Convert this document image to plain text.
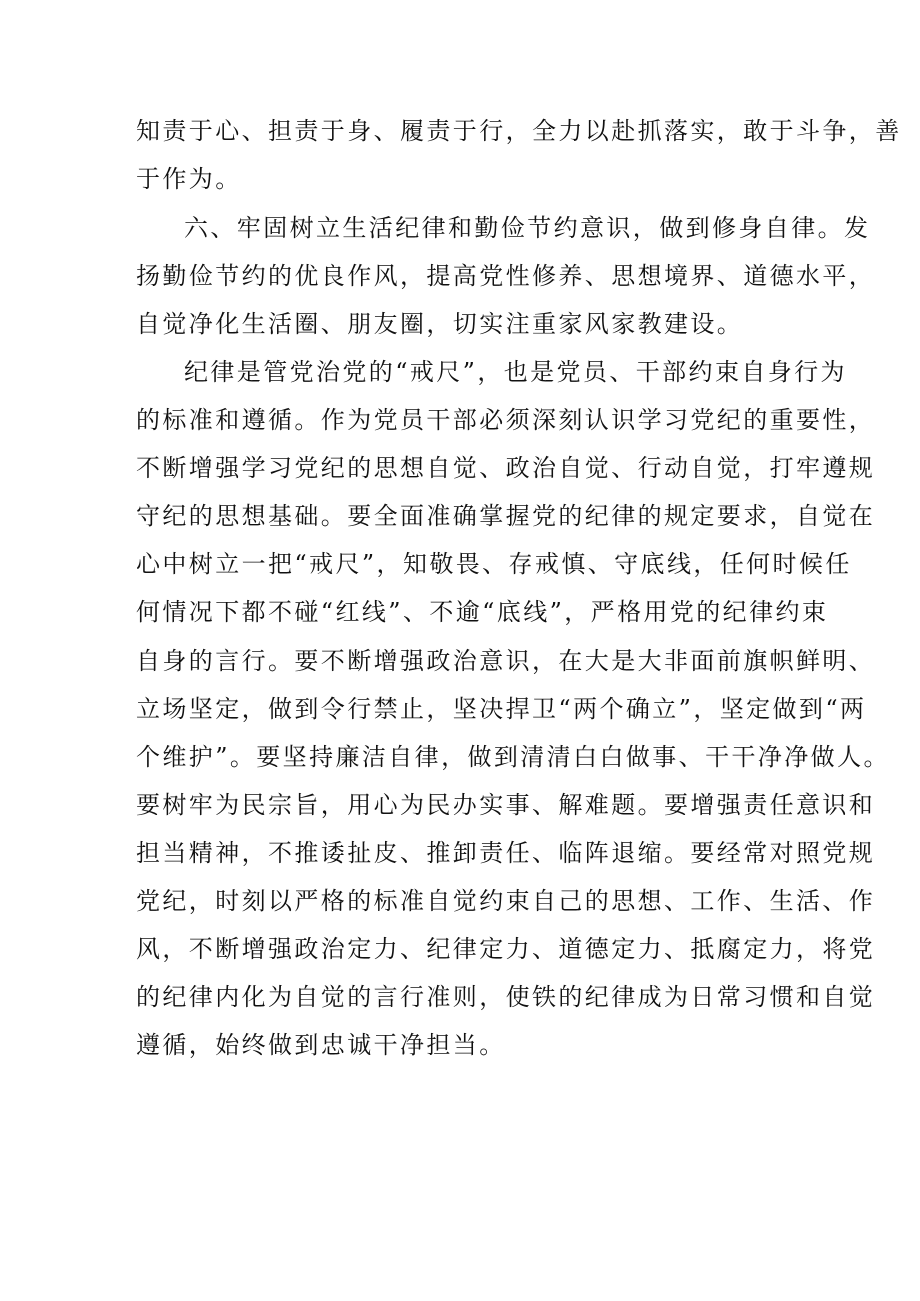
知责于心、担责于身、履责于行，全力以赴抓落实，敢于斗争，善
于作为。
六、牢固树立生活纪律和勤俭节约意识，做到修身自律。发
扬勤俭节约的优良作风，提高党性修养、思想境界、道德水平，
自觉净化生活圈、朋友圈，切实注重家风家教建设。
纪律是管党治党的“戒尺”，也是党员、干部约束自身行为
的标准和遵循。作为党员干部必须深刻认识学习党纪的重要性，
不断增强学习党纪的思想自觉、政治自觉、行动自觉，打牢遵规
守纪的思想基础。要全面准确掌握党的纪律的规定要求，自觉在
心中树立一把“戒尺”，知敬畏、存戒慎、守底线，任何时候任
何情况下都不碰“红线”、不逾“底线”，严格用党的纪律约束
自身的言行。要不断增强政治意识，在大是大非面前旗帜鲜明、
立场坚定，做到令行禁止，坚决捍卫“两个确立”，坚定做到“两
个维护”。要坚持廉洁自律，做到清清白白做事、干干净净做人。
要树牢为民宗旨，用心为民办实事、解难题。要增强责任意识和
担当精神，不推诿扯皮、推卸责任、临阵退缩。要经常对照党规
党纪，时刻以严格的标准自觉约束自己的思想、工作、生活、作
风，不断增强政治定力、纪律定力、道德定力、抵腐定力，将党
的纪律内化为自觉的言行准则，使铁的纪律成为日常习惯和自觉
遵循，始终做到忠诚干净担当。
